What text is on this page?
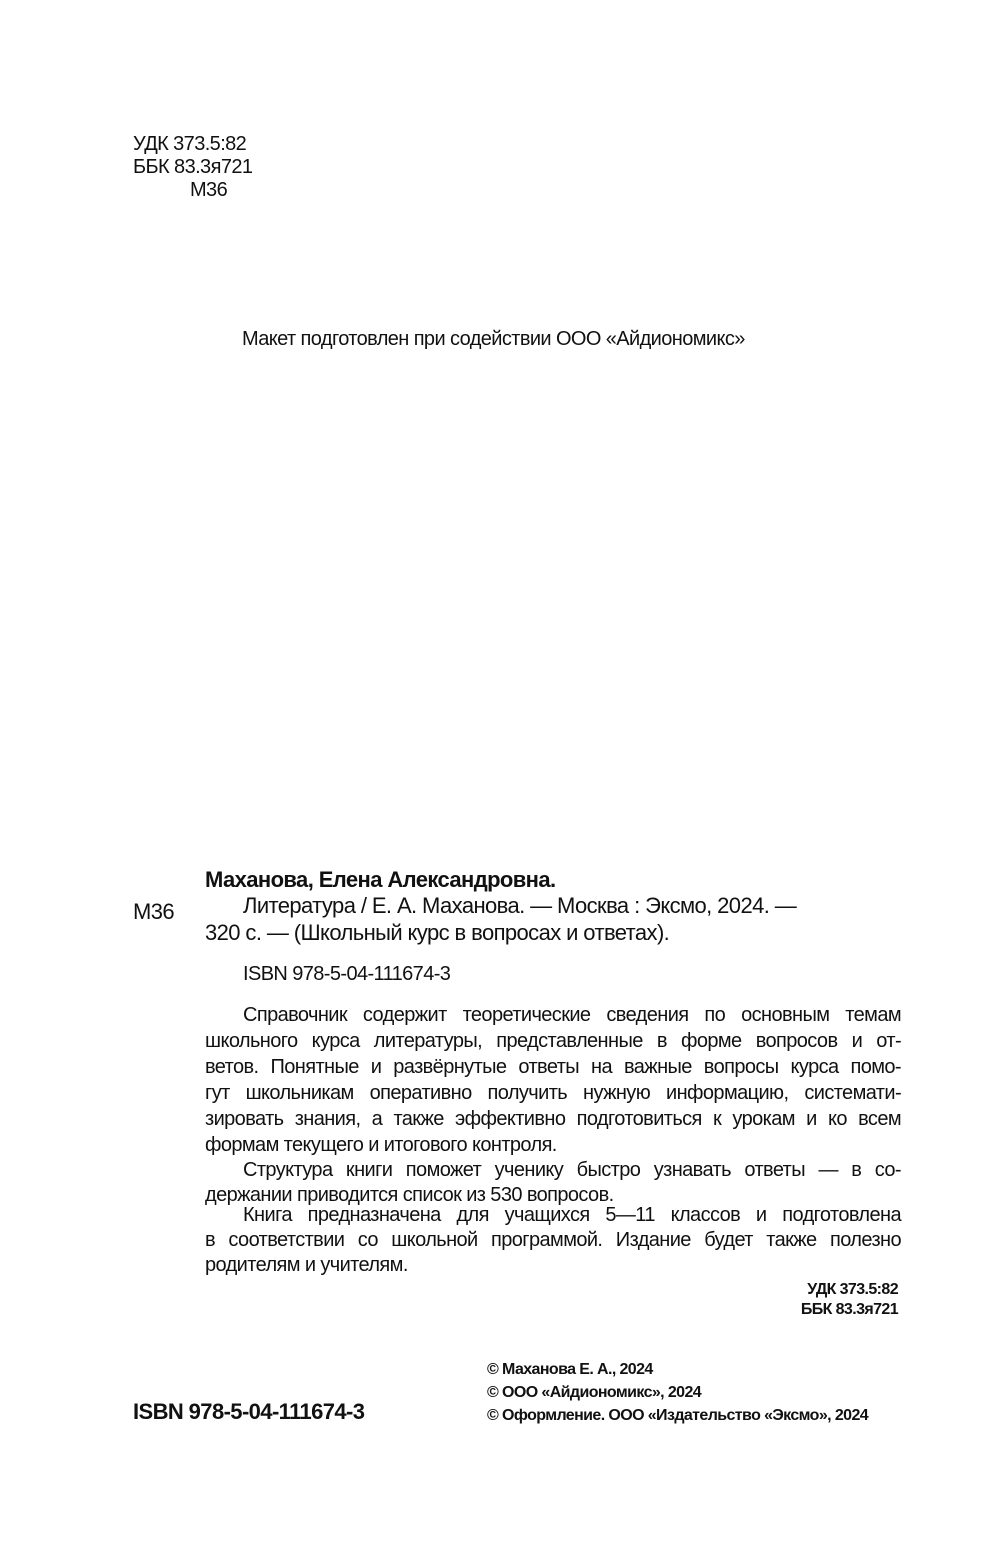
УДК 373.5:82
ББК 83.3я721
М36
Макет подготовлен при содействии ООО «Айдиономикс»
Маханова, Елена Александровна.
М36	Литература / Е. А. Маханова. — Москва : Эксмо, 2024. —
320 с. — (Школьный курс в вопросах и ответах).
ISBN 978-5-04-111674-3
Справочник содержит теоретические сведения по основным темам
школьного курса литературы, представленные в форме вопросов и от-
ветов. Понятные и развёрнутые ответы на важные вопросы курса помо-
гут школьникам оперативно получить нужную информацию, системати-
зировать знания, а также эффективно подготовиться к урокам и ко всем
формам текущего и итогового контроля.
Структура книги поможет ученику быстро узнавать ответы — в со-
держании приводится список из 530 вопросов.
Книга предназначена для учащихся 5—11 классов и подготовлена
в соответствии со школьной программой. Издание будет также полезно
родителям и учителям.
УДК 373.5:82
ББК 83.3я721
ISBN 978-5-04-111674-3
© Маханова Е. А., 2024
© ООО «Айдиономикс», 2024
© Оформление. ООО «Издательство «Эксмо», 2024
